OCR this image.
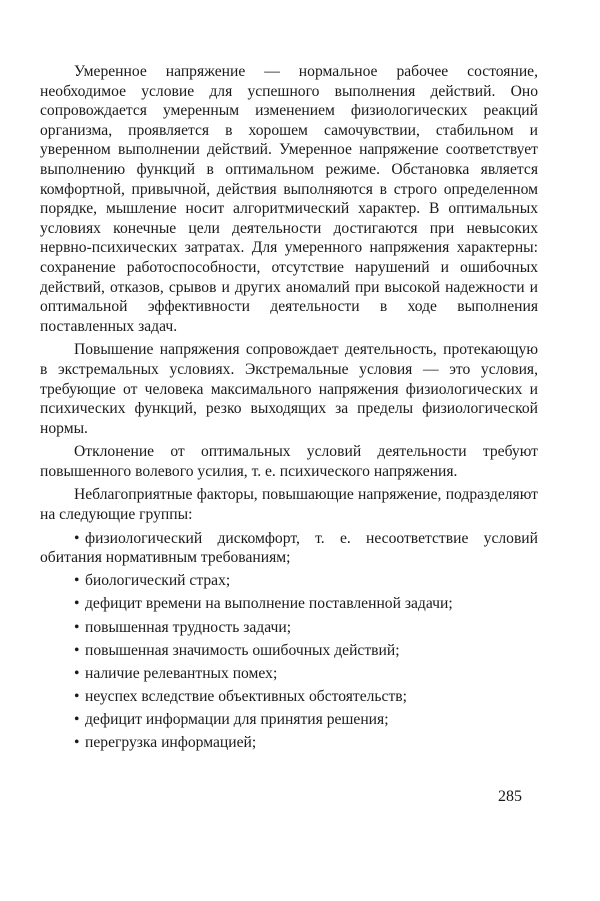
Умеренное напряжение — нормальное рабочее состояние, необходимое условие для успешного выполнения действий. Оно сопровождается умеренным изменением физиологических реакций организма, проявляется в хорошем самочувствии, стабильном и уверенном выполнении действий. Умеренное напряжение соответствует выполнению функций в оптимальном режиме. Обстановка является комфортной, привычной, действия выполняются в строго определенном порядке, мышление носит алгоритмический характер. В оптимальных условиях конечные цели деятельности достигаются при невысоких нервно-психических затратах. Для умеренного напряжения характерны: сохранение работоспособности, отсутствие нарушений и ошибочных действий, отказов, срывов и других аномалий при высокой надежности и оптимальной эффективности деятельности в ходе выполнения поставленных задач.

Повышение напряжения сопровождает деятельность, протекающую в экстремальных условиях. Экстремальные условия — это условия, требующие от человека максимального напряжения физиологических и психических функций, резко выходящих за пределы физиологической нормы.

Отклонение от оптимальных условий деятельности требуют повышенного волевого усилия, т. е. психического напряжения.

Неблагоприятные факторы, повышающие напряжение, подразделяют на следующие группы:

• физиологический дискомфорт, т. е. несоответствие условий обитания нормативным требованиям;
• биологический страх;
• дефицит времени на выполнение поставленной задачи;
• повышенная трудность задачи;
• повышенная значимость ошибочных действий;
• наличие релевантных помех;
• неуспех вследствие объективных обстоятельств;
• дефицит информации для принятия решения;
• перегрузка информацией;
285
